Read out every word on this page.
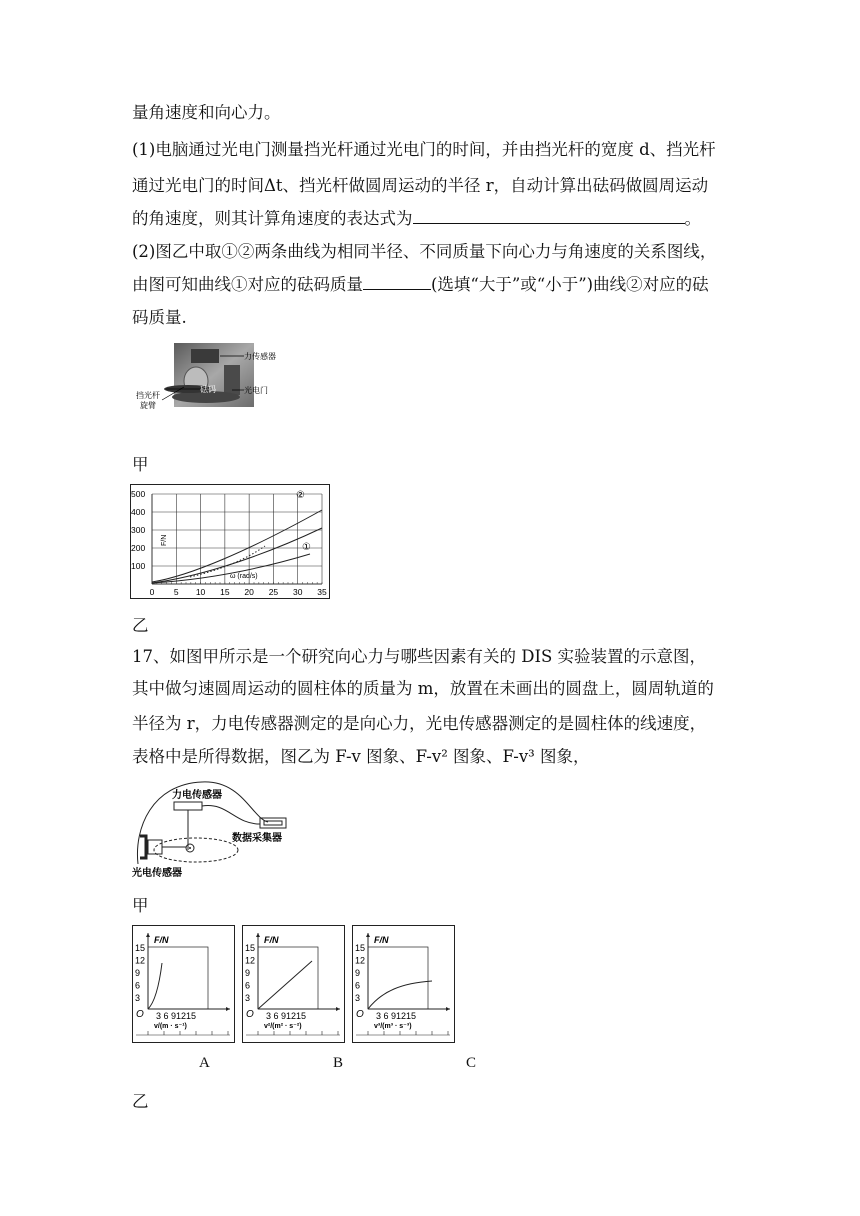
量角速度和向心力。
(1)电脑通过光电门测量挡光杆通过光电门的时间，并由挡光杆的宽度 d、挡光杆
通过光电门的时间Δt、挡光杆做圆周运动的半径 r，自动计算出砝码做圆周运动
的角速度，则其计算角速度的表达式为	。
(2)图乙中取①②两条曲线为相同半径、不同质量下向心力与角速度的关系图线，
由图可知曲线①对应的砝码质量	(选填“大于”或“小于”)曲线②对应的砝
码质量.
力传感器
砝码	光电门
挡光杆
旋臂
甲
500
400
300
200
100
0 5 10 15 20 25 30 35
②
①
F/N
ω (rad/s)
乙
17、如图甲所示是一个研究向心力与哪些因素有关的 DIS 实验装置的示意图，
其中做匀速圆周运动的圆柱体的质量为 m，放置在未画出的圆盘上，圆周轨道的
半径为 r，力电传感器测定的是向心力，光电传感器测定的是圆柱体的线速度，
表格中是所得数据，图乙为 F-v 图象、F-v² 图象、F-v³ 图象，
力电传感器
数据采集器
光电传感器
甲
F/N
15
12
9
6
3
O 3 6 91215
v/(m · s⁻¹)
F/N
15
12
9
6
3
O 3 6 91215
v²/(m² · s⁻²)
F/N
15
12
9
6
3
O 3 6 91215
v³/(m³ · s⁻³)
A	B	C
乙
